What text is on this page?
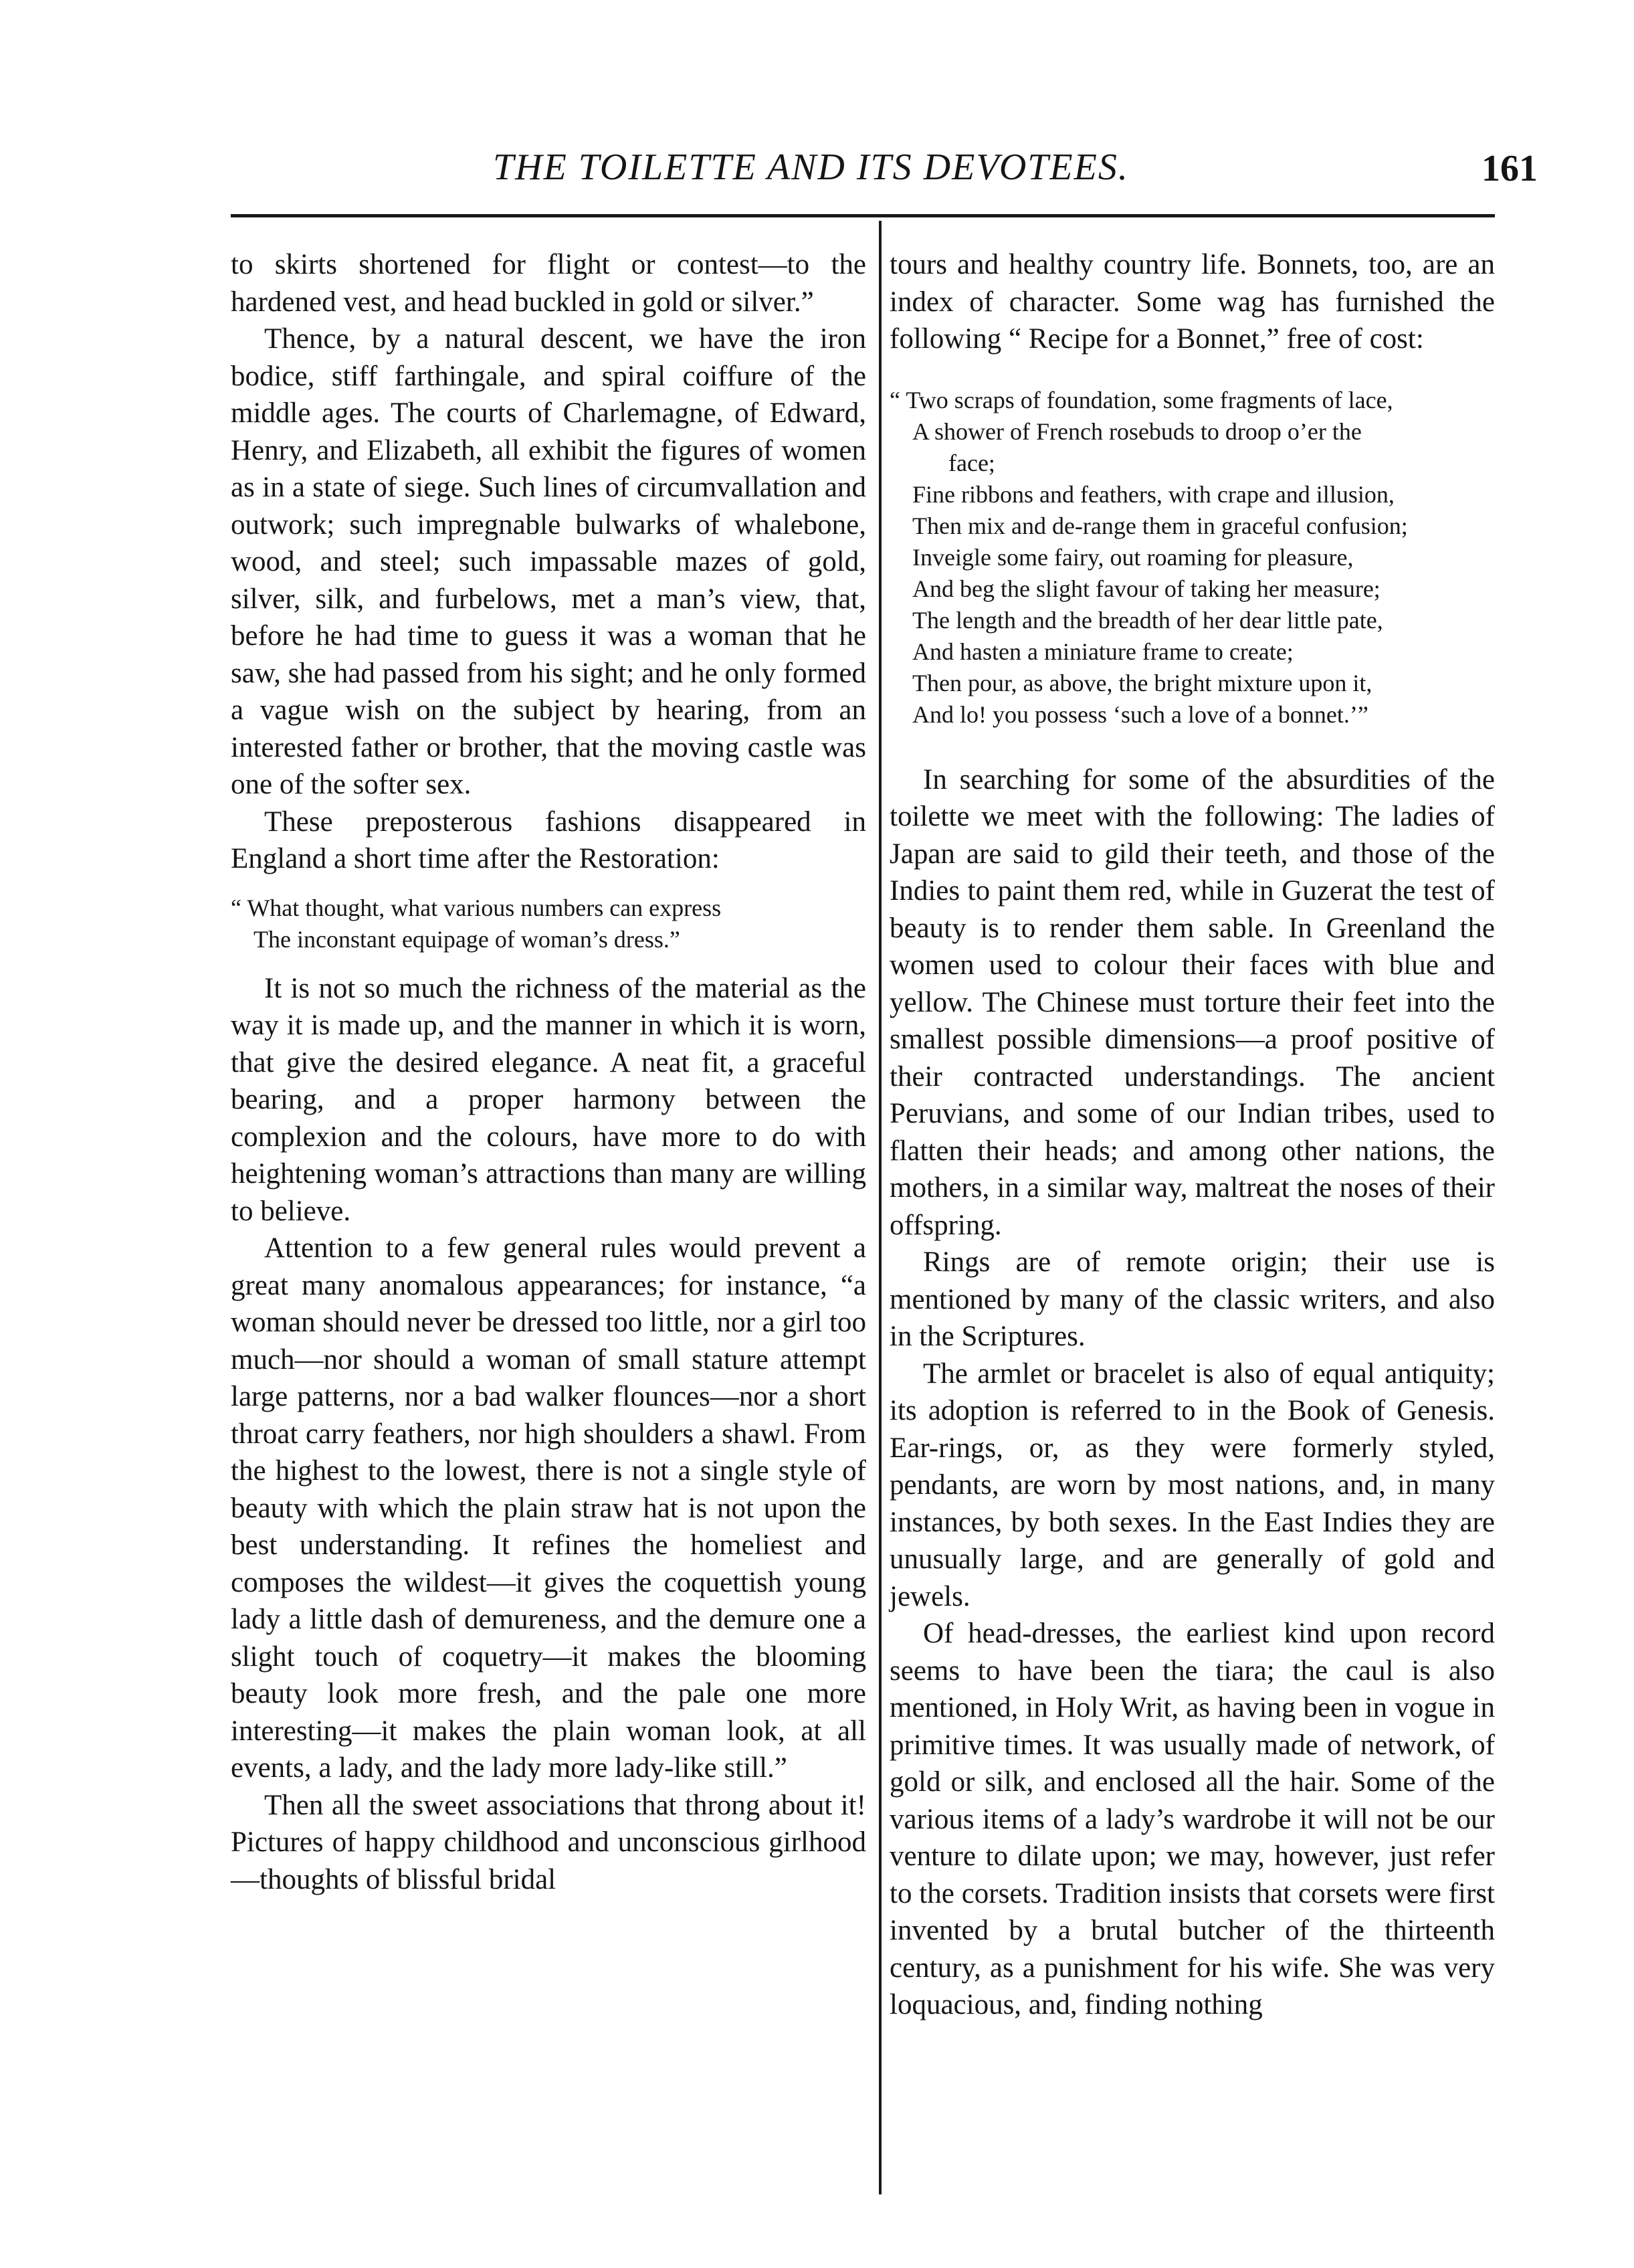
THE TOILETTE AND ITS DEVOTEES.	161

to skirts shortened for flight or contest—to the hardened vest, and head buckled in gold or silver.”

Thence, by a natural descent, we have the iron bodice, stiff farthingale, and spiral coiffure of the middle ages. The courts of Charlemagne, of Edward, Henry, and Elizabeth, all exhibit the figures of women as in a state of siege. Such lines of circumvallation and outwork; such impregnable bulwarks of whalebone, wood, and steel; such impassable mazes of gold, silver, silk, and furbelows, met a man’s view, that, before he had time to guess it was a woman that he saw, she had passed from his sight; and he only formed a vague wish on the subject by hearing, from an interested father or brother, that the moving castle was one of the softer sex.

These preposterous fashions disappeared in England a short time after the Restoration:

“ What thought, what various numbers can express
The inconstant equipage of woman’s dress.”

It is not so much the richness of the material as the way it is made up, and the manner in which it is worn, that give the desired elegance. A neat fit, a graceful bearing, and a proper harmony between the complexion and the colours, have more to do with heightening woman’s attractions than many are willing to believe.

Attention to a few general rules would prevent a great many anomalous appearances; for instance, “a woman should never be dressed too little, nor a girl too much—nor should a woman of small stature attempt large patterns, nor a bad walker flounces—nor a short throat carry feathers, nor high shoulders a shawl. From the highest to the lowest, there is not a single style of beauty with which the plain straw hat is not upon the best understanding. It refines the homeliest and composes the wildest—it gives the coquettish young lady a little dash of demureness, and the demure one a slight touch of coquetry—it makes the blooming beauty look more fresh, and the pale one more interesting—it makes the plain woman look, at all events, a lady, and the lady more lady-like still.”

Then all the sweet associations that throng about it! Pictures of happy childhood and unconscious girlhood—thoughts of blissful bridal

tours and healthy country life. Bonnets, too, are an index of character. Some wag has furnished the following “ Recipe for a Bonnet,” free of cost:

“ Two scraps of foundation, some fragments of lace,
A shower of French rosebuds to droop o’er the
face;
Fine ribbons and feathers, with crape and illusion,
Then mix and de-range them in graceful confusion;
Inveigle some fairy, out roaming for pleasure,
And beg the slight favour of taking her measure;
The length and the breadth of her dear little pate,
And hasten a miniature frame to create;
Then pour, as above, the bright mixture upon it,
And lo! you possess ‘such a love of a bonnet.’”

In searching for some of the absurdities of the toilette we meet with the following: The ladies of Japan are said to gild their teeth, and those of the Indies to paint them red, while in Guzerat the test of beauty is to render them sable. In Greenland the women used to colour their faces with blue and yellow. The Chinese must torture their feet into the smallest possible dimensions—a proof positive of their contracted understandings. The ancient Peruvians, and some of our Indian tribes, used to flatten their heads; and among other nations, the mothers, in a similar way, maltreat the noses of their offspring.

Rings are of remote origin; their use is mentioned by many of the classic writers, and also in the Scriptures.

The armlet or bracelet is also of equal antiquity; its adoption is referred to in the Book of Genesis. Ear-rings, or, as they were formerly styled, pendants, are worn by most nations, and, in many instances, by both sexes. In the East Indies they are unusually large, and are generally of gold and jewels.

Of head-dresses, the earliest kind upon record seems to have been the tiara; the caul is also mentioned, in Holy Writ, as having been in vogue in primitive times. It was usually made of network, of gold or silk, and enclosed all the hair. Some of the various items of a lady’s wardrobe it will not be our venture to dilate upon; we may, however, just refer to the corsets. Tradition insists that corsets were first invented by a brutal butcher of the thirteenth century, as a punishment for his wife. She was very loquacious, and, finding nothing
